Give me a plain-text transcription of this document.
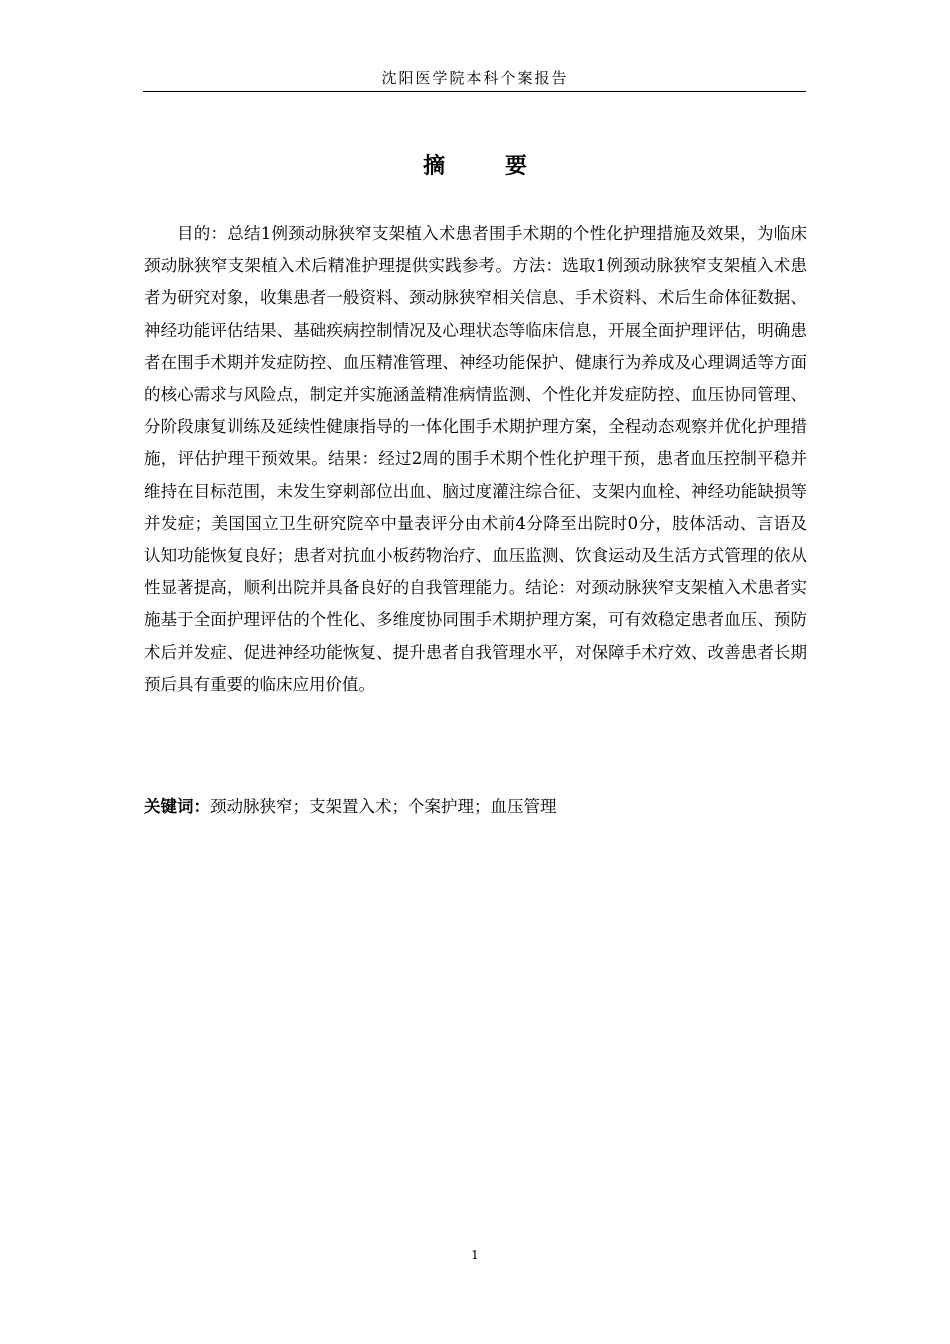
沈阳医学院本科个案报告
摘 要

目的：总结1例颈动脉狭窄支架植入术患者围手术期的个性化护理措施及效果，为临床颈动脉狭窄支架植入术后精准护理提供实践参考。方法：选取1例颈动脉狭窄支架植入术患者为研究对象，收集患者一般资料、颈动脉狭窄相关信息、手术资料、术后生命体征数据、神经功能评估结果、基础疾病控制情况及心理状态等临床信息，开展全面护理评估，明确患者在围手术期并发症防控、血压精准管理、神经功能保护、健康行为养成及心理调适等方面的核心需求与风险点，制定并实施涵盖精准病情监测、个性化并发症防控、血压协同管理、分阶段康复训练及延续性健康指导的一体化围手术期护理方案，全程动态观察并优化护理措施，评估护理干预效果。结果：经过2周的围手术期个性化护理干预，患者血压控制平稳并维持在目标范围，未发生穿刺部位出血、脑过度灌注综合征、支架内血栓、神经功能缺损等并发症；美国国立卫生研究院卒中量表评分由术前4分降至出院时0分，肢体活动、言语及认知功能恢复良好；患者对抗血小板药物治疗、血压监测、饮食运动及生活方式管理的依从性显著提高，顺利出院并具备良好的自我管理能力。结论：对颈动脉狭窄支架植入术患者实施基于全面护理评估的个性化、多维度协同围手术期护理方案，可有效稳定患者血压、预防术后并发症、促进神经功能恢复、提升患者自我管理水平，对保障手术疗效、改善患者长期预后具有重要的临床应用价值。

关键词：颈动脉狭窄；支架置入术；个案护理；血压管理

1
